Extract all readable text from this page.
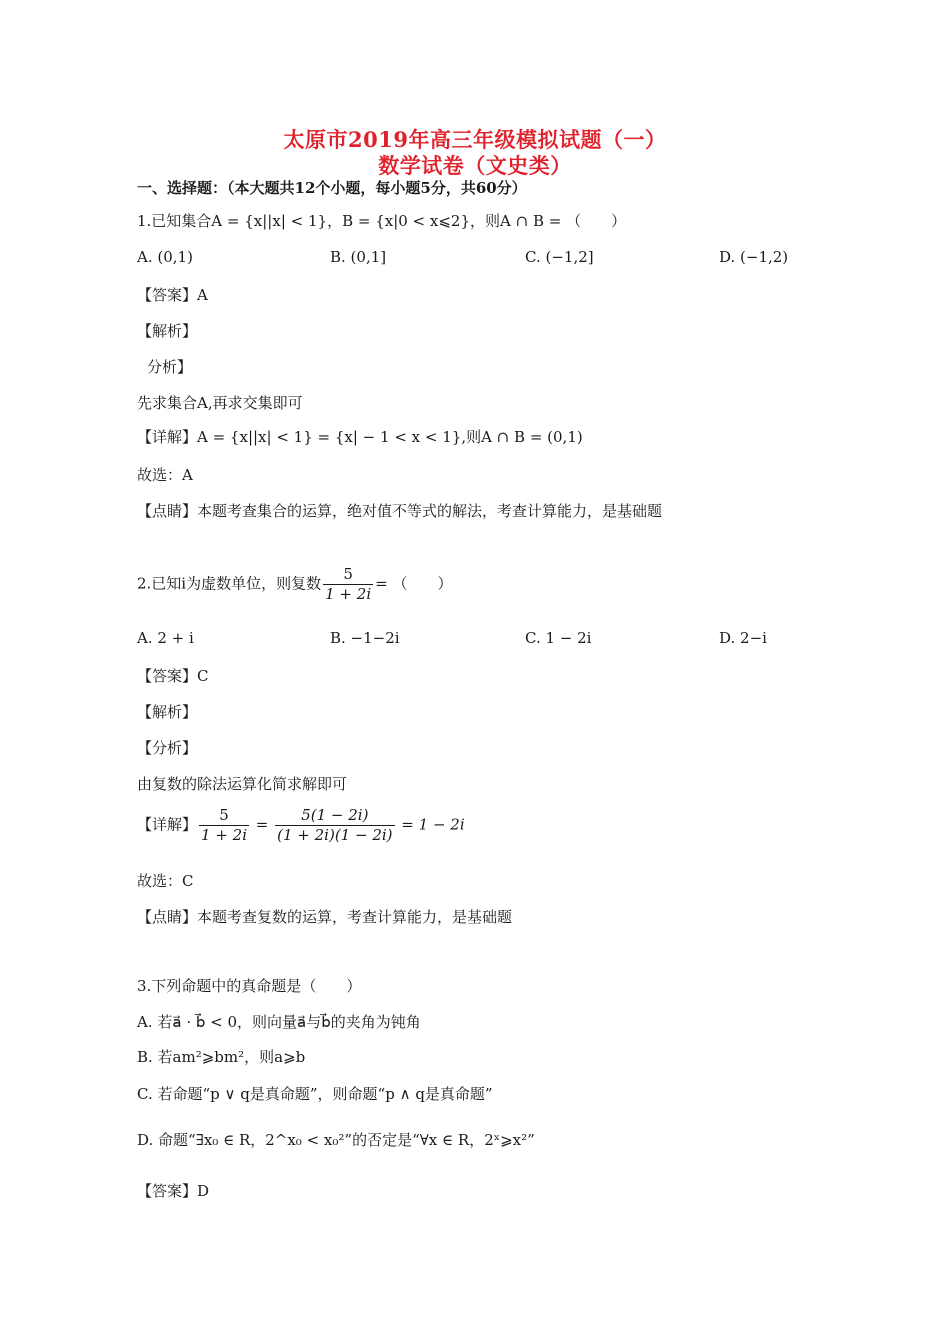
太原市2019年高三年级模拟试题（一）
数学试卷（文史类）
一、选择题：（本大题共12个小题，每小题5分，共60分）
1.已知集合A = {x||x| < 1}，B = {x|0 < x⩽2}，则A ∩ B = （　　）
A. (0,1)	B. (0,1]	C. (−1,2]	D. (−1,2)
【答案】A
【解析】
分析】
先求集合A,再求交集即可
【详解】A = {x||x| < 1} = {x| − 1 < x < 1},则A ∩ B = (0,1)
故选：A
【点睛】本题考查集合的运算，绝对值不等式的解法，考查计算能力，是基础题
2.已知i为虚数单位，则复数 $\frac{5}{1 + 2i}$ = （　　）
A. 2 + i	B. −1−2i	C. 1 − 2i	D. 2−i
【答案】C
【解析】
【分析】
由复数的除法运算化简求解即可
【详解】 $\frac{5}{1 + 2i} = \frac{5(1 - 2i)}{(1 + 2i)(1 - 2i)} = 1 - 2i$
故选：C
【点睛】本题考查复数的运算，考查计算能力，是基础题
3.下列命题中的真命题是（　　）
A. 若a⃗ · b⃗ < 0，则向量a⃗与b⃗的夹角为钝角
B. 若am²⩾bm²，则a⩾b
C. 若命题“p ∨ q是真命题”，则命题“p ∧ q是真命题”
D. 命题“∃x₀ ∈ R，2^x₀ < x₀²”的否定是“∀x ∈ R，2ˣ⩾x²”
【答案】D
